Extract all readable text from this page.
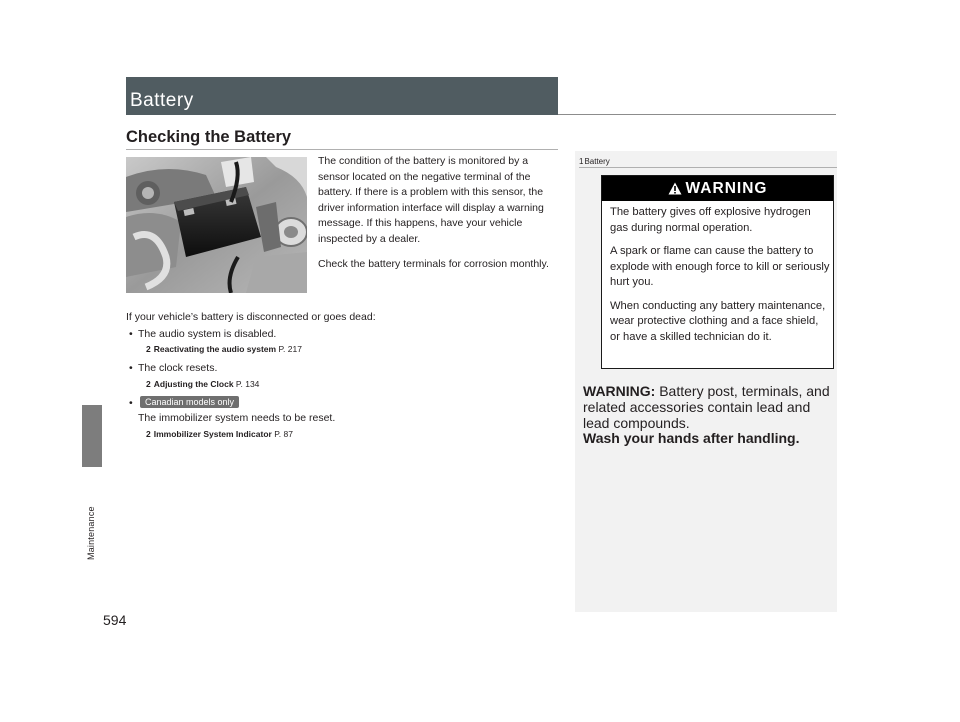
Maintenance
594
Battery
Checking the Battery

The condition of the battery is monitored by a sensor located on the negative terminal of the battery. If there is a problem with this sensor, the driver information interface will display a warning message. If this happens, have your vehicle inspected by a dealer.

Check the battery terminals for corrosion monthly.

If your vehicle’s battery is disconnected or goes dead:

• The audio system is disabled.
2 Reactivating the audio system P. 217
• The clock resets.
2 Adjusting the Clock P. 134
• Canadian models only
The immobilizer system needs to be reset.
2 Immobilizer System Indicator P. 87
1Battery
WARNING

The battery gives off explosive hydrogen gas during normal operation.

A spark or flame can cause the battery to explode with enough force to kill or seriously hurt you.

When conducting any battery maintenance, wear protective clothing and a face shield, or have a skilled technician do it.

WARNING: Battery post, terminals, and related accessories contain lead and lead compounds.
Wash your hands after handling.
